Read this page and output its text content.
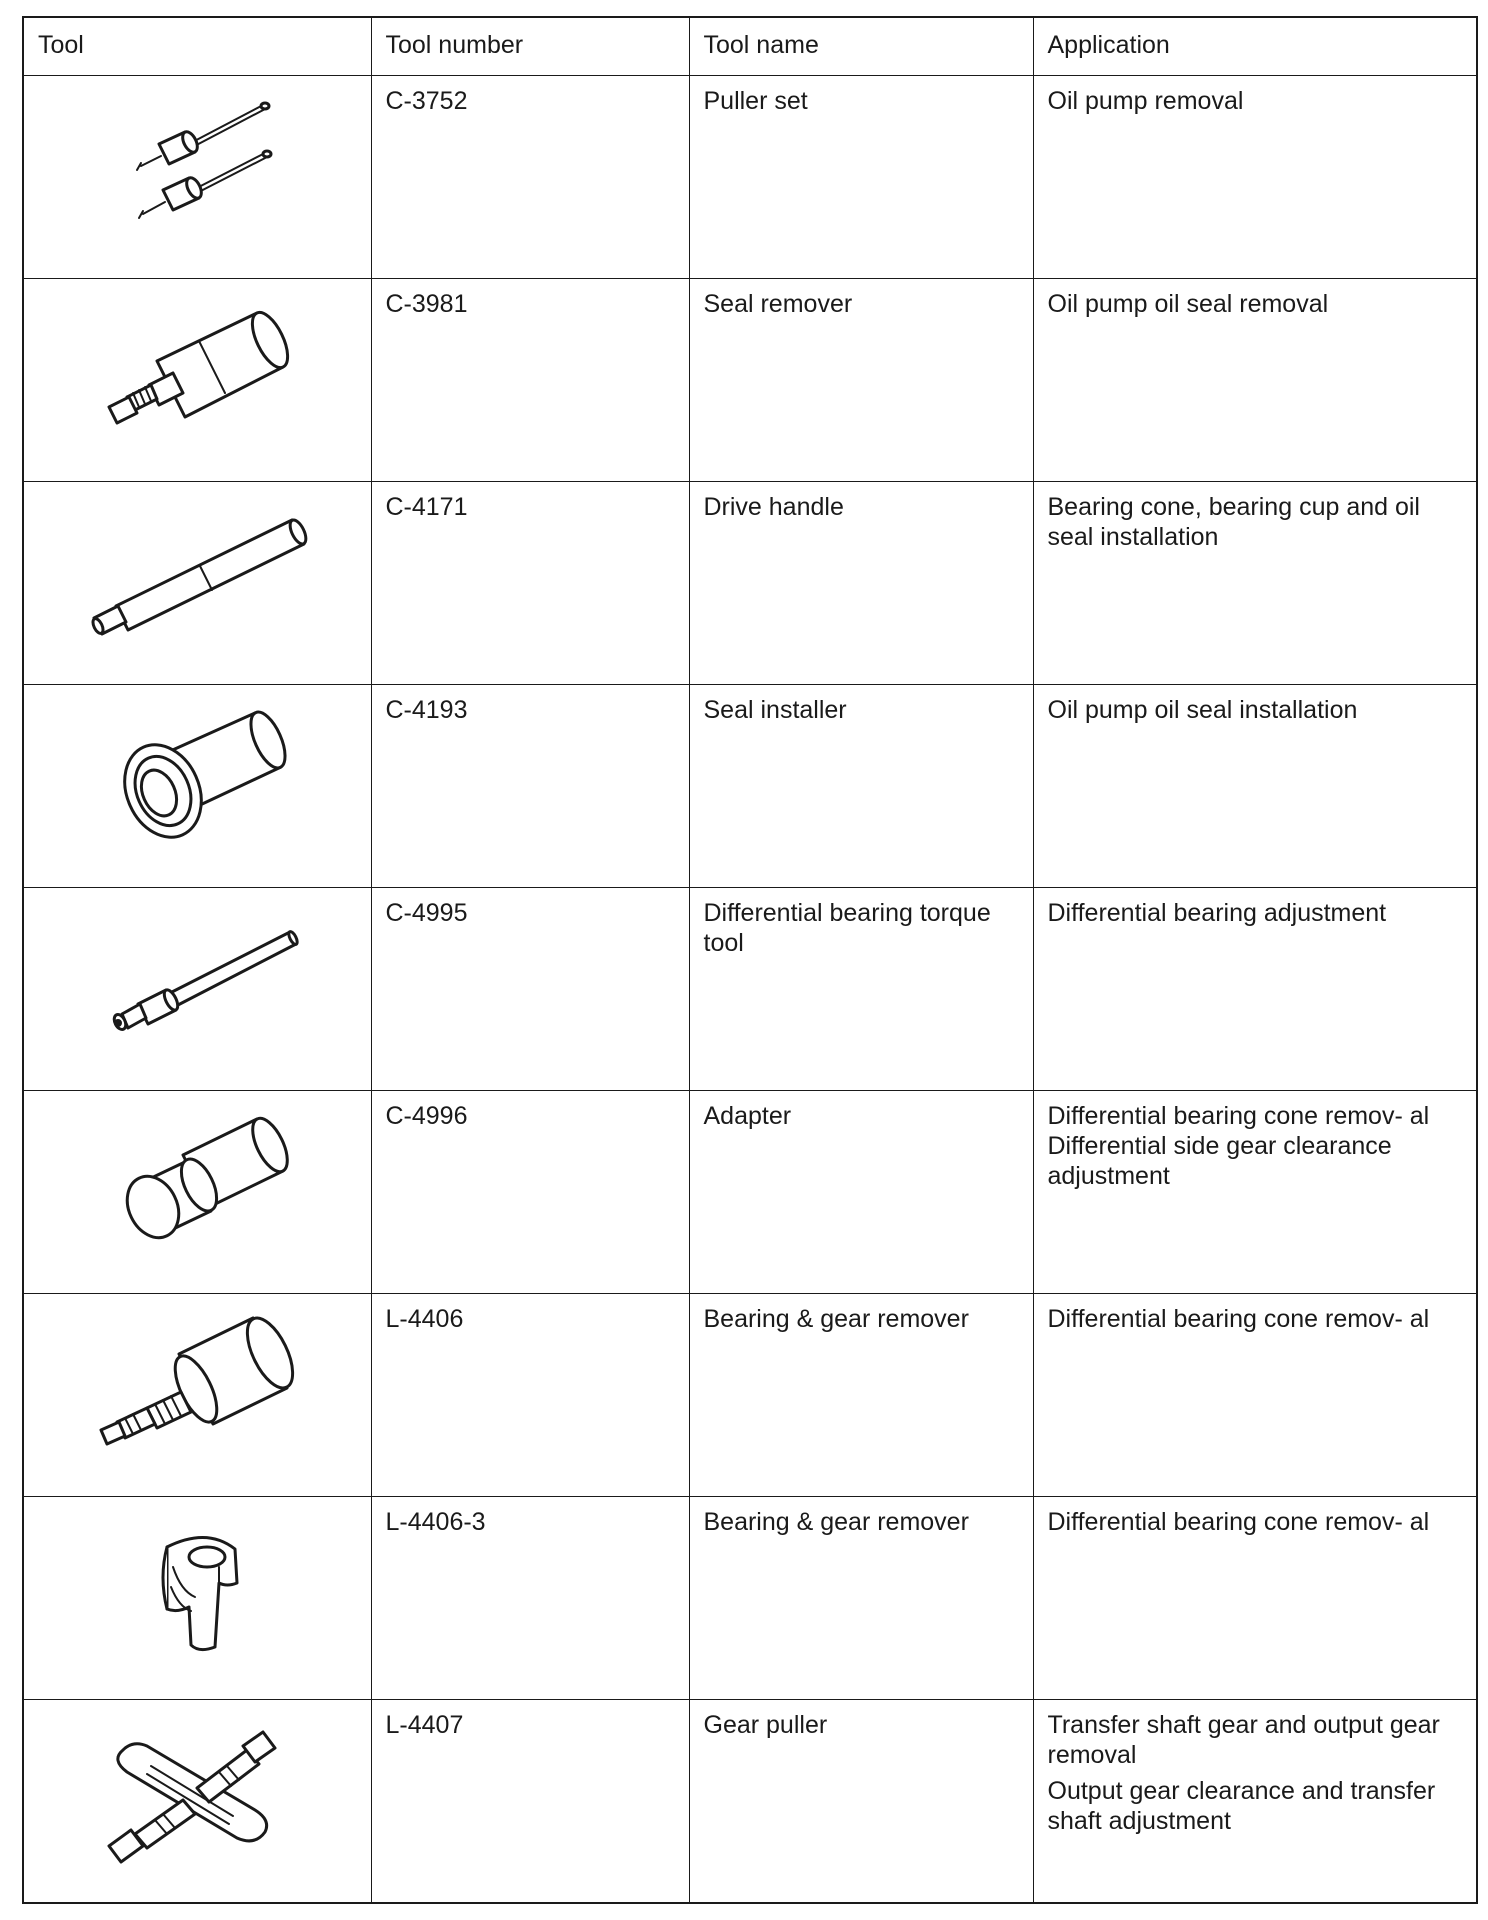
Tool	Tool number	Tool name	Application

	C-3752	Puller set	Oil pump removal

	C-3981	Seal remover	Oil pump oil seal removal

	C-4171	Drive handle	Bearing cone, bearing cup and oil seal installation

	C-4193	Seal installer	Oil pump oil seal installation

	C-4995	Differential bearing torque tool	Differential bearing adjustment

	C-4996	Adapter	Differential bearing cone remov- al
Differential side gear clearance adjustment

	L-4406	Bearing & gear remover	Differential bearing cone remov- al

	L-4406-3	Bearing & gear remover	Differential bearing cone remov- al

	L-4407	Gear puller	Transfer shaft gear and output gear removal
Output gear clearance and transfer shaft adjustment
